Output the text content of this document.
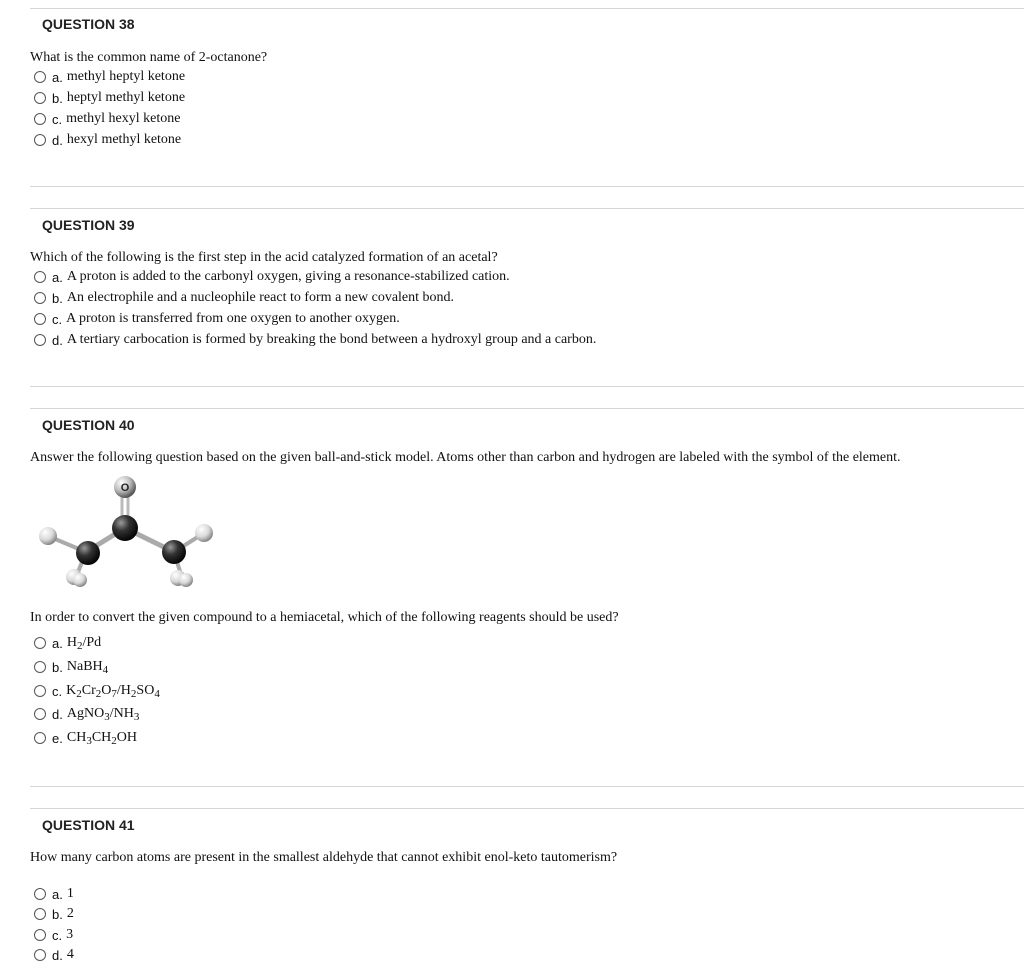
QUESTION 38
What is the common name of 2-octanone?
a. methyl heptyl ketone
b. heptyl methyl ketone
c. methyl hexyl ketone
d. hexyl methyl ketone
QUESTION 39
Which of the following is the first step in the acid catalyzed formation of an acetal?
a. A proton is added to the carbonyl oxygen, giving a resonance-stabilized cation.
b. An electrophile and a nucleophile react to form a new covalent bond.
c. A proton is transferred from one oxygen to another oxygen.
d. A tertiary carbocation is formed by breaking the bond between a hydroxyl group and a carbon.
QUESTION 40
Answer the following question based on the given ball-and-stick model. Atoms other than carbon and hydrogen are labeled with the symbol of the element.
O
In order to convert the given compound to a hemiacetal, which of the following reagents should be used?
a. $H_2/Pd$
b. NaBH$_4$
c. $K_2Cr_2O_7/H_2SO_4$
d. $AgNO_3/NH_3$
e. $CH_3CH_2OH$
QUESTION 41
How many carbon atoms are present in the smallest aldehyde that cannot exhibit enol-keto tautomerism?
a. 1
b. 2
c. 3
d. 4
